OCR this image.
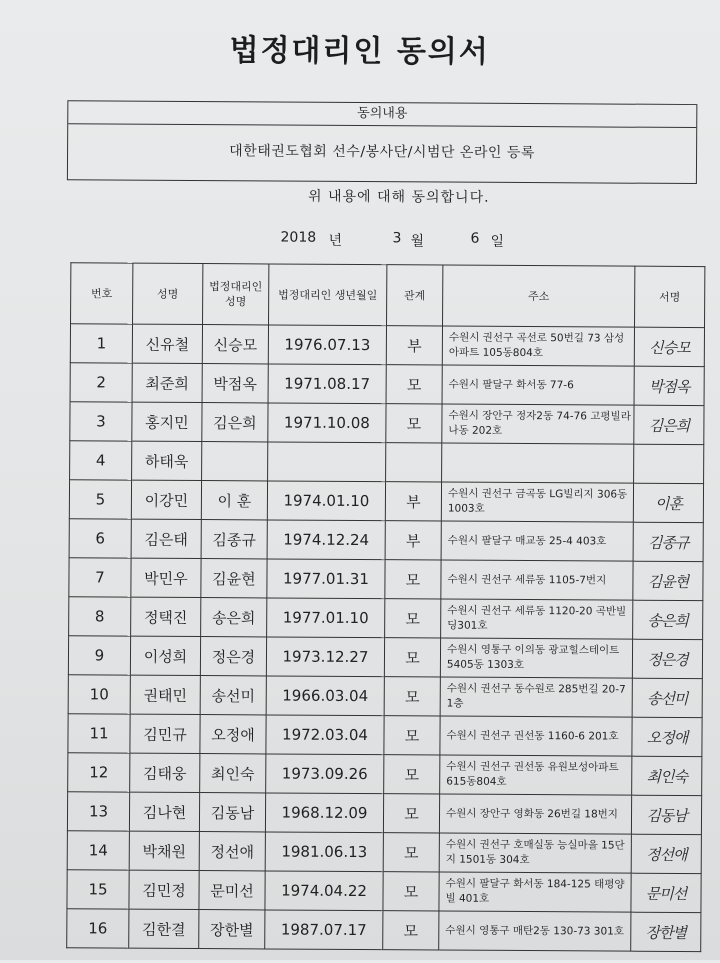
법정대리인 동의서
동의내용
대한태권도협회 선수/봉사단/시범단 온라인 등록
위 내용에 대해 동의합니다.
2018 년	3 월	6 일
번호	성명	법정대리인 성명	법정대리인 생년월일	관계	주소	서명
1	신유철	신승모	1976.07.13	부	수원시 권선구 곡선로 50번길 73 삼성아파트 105동804호	신승모
2	최준희	박점옥	1971.08.17	모	수원시 팔달구 화서동 77-6	박점옥
3	홍지민	김은희	1971.10.08	모	수원시 장안구 정자2동 74-76 고평빌라 나동 202호	김은희
4	하태욱					
5	이강민	이 훈	1974.01.10	부	수원시 권선구 금곡동 LG빌리지 306동 1003호	이훈
6	김은태	김종규	1974.12.24	부	수원시 팔달구 매교동 25-4 403호	김종규
7	박민우	김윤현	1977.01.31	모	수원시 권선구 세류동 1105-7번지	김윤현
8	정택진	송은희	1977.01.10	모	수원시 권선구 세류동 1120-20 곡반빌딩301호	송은희
9	이성희	정은경	1973.12.27	모	수원시 영통구 이의동 광교힐스테이트 5405동 1303호	정은경
10	권태민	송선미	1966.03.04	모	수원시 권선구 동수원로 285번길 20-7 1층	송선미
11	김민규	오정애	1972.03.04	모	수원시 권선구 권선동 1160-6 201호	오정애
12	김태웅	최인숙	1973.09.26	모	수원시 권선구 권선동 유원보성아파트 615동804호	최인숙
13	김나현	김동남	1968.12.09	모	수원시 장안구 영화동 26번길 18번지	김동남
14	박채원	정선애	1981.06.13	모	수원시 권선구 호매실동 능실마을 15단지 1501동 304호	정선애
15	김민정	문미선	1974.04.22	모	수원시 팔달구 화서동 184-125 태평양빌 401호	문미선
16	김한결	장한별	1987.07.17	모	수원시 영통구 매탄2동 130-73 301호	장한별
